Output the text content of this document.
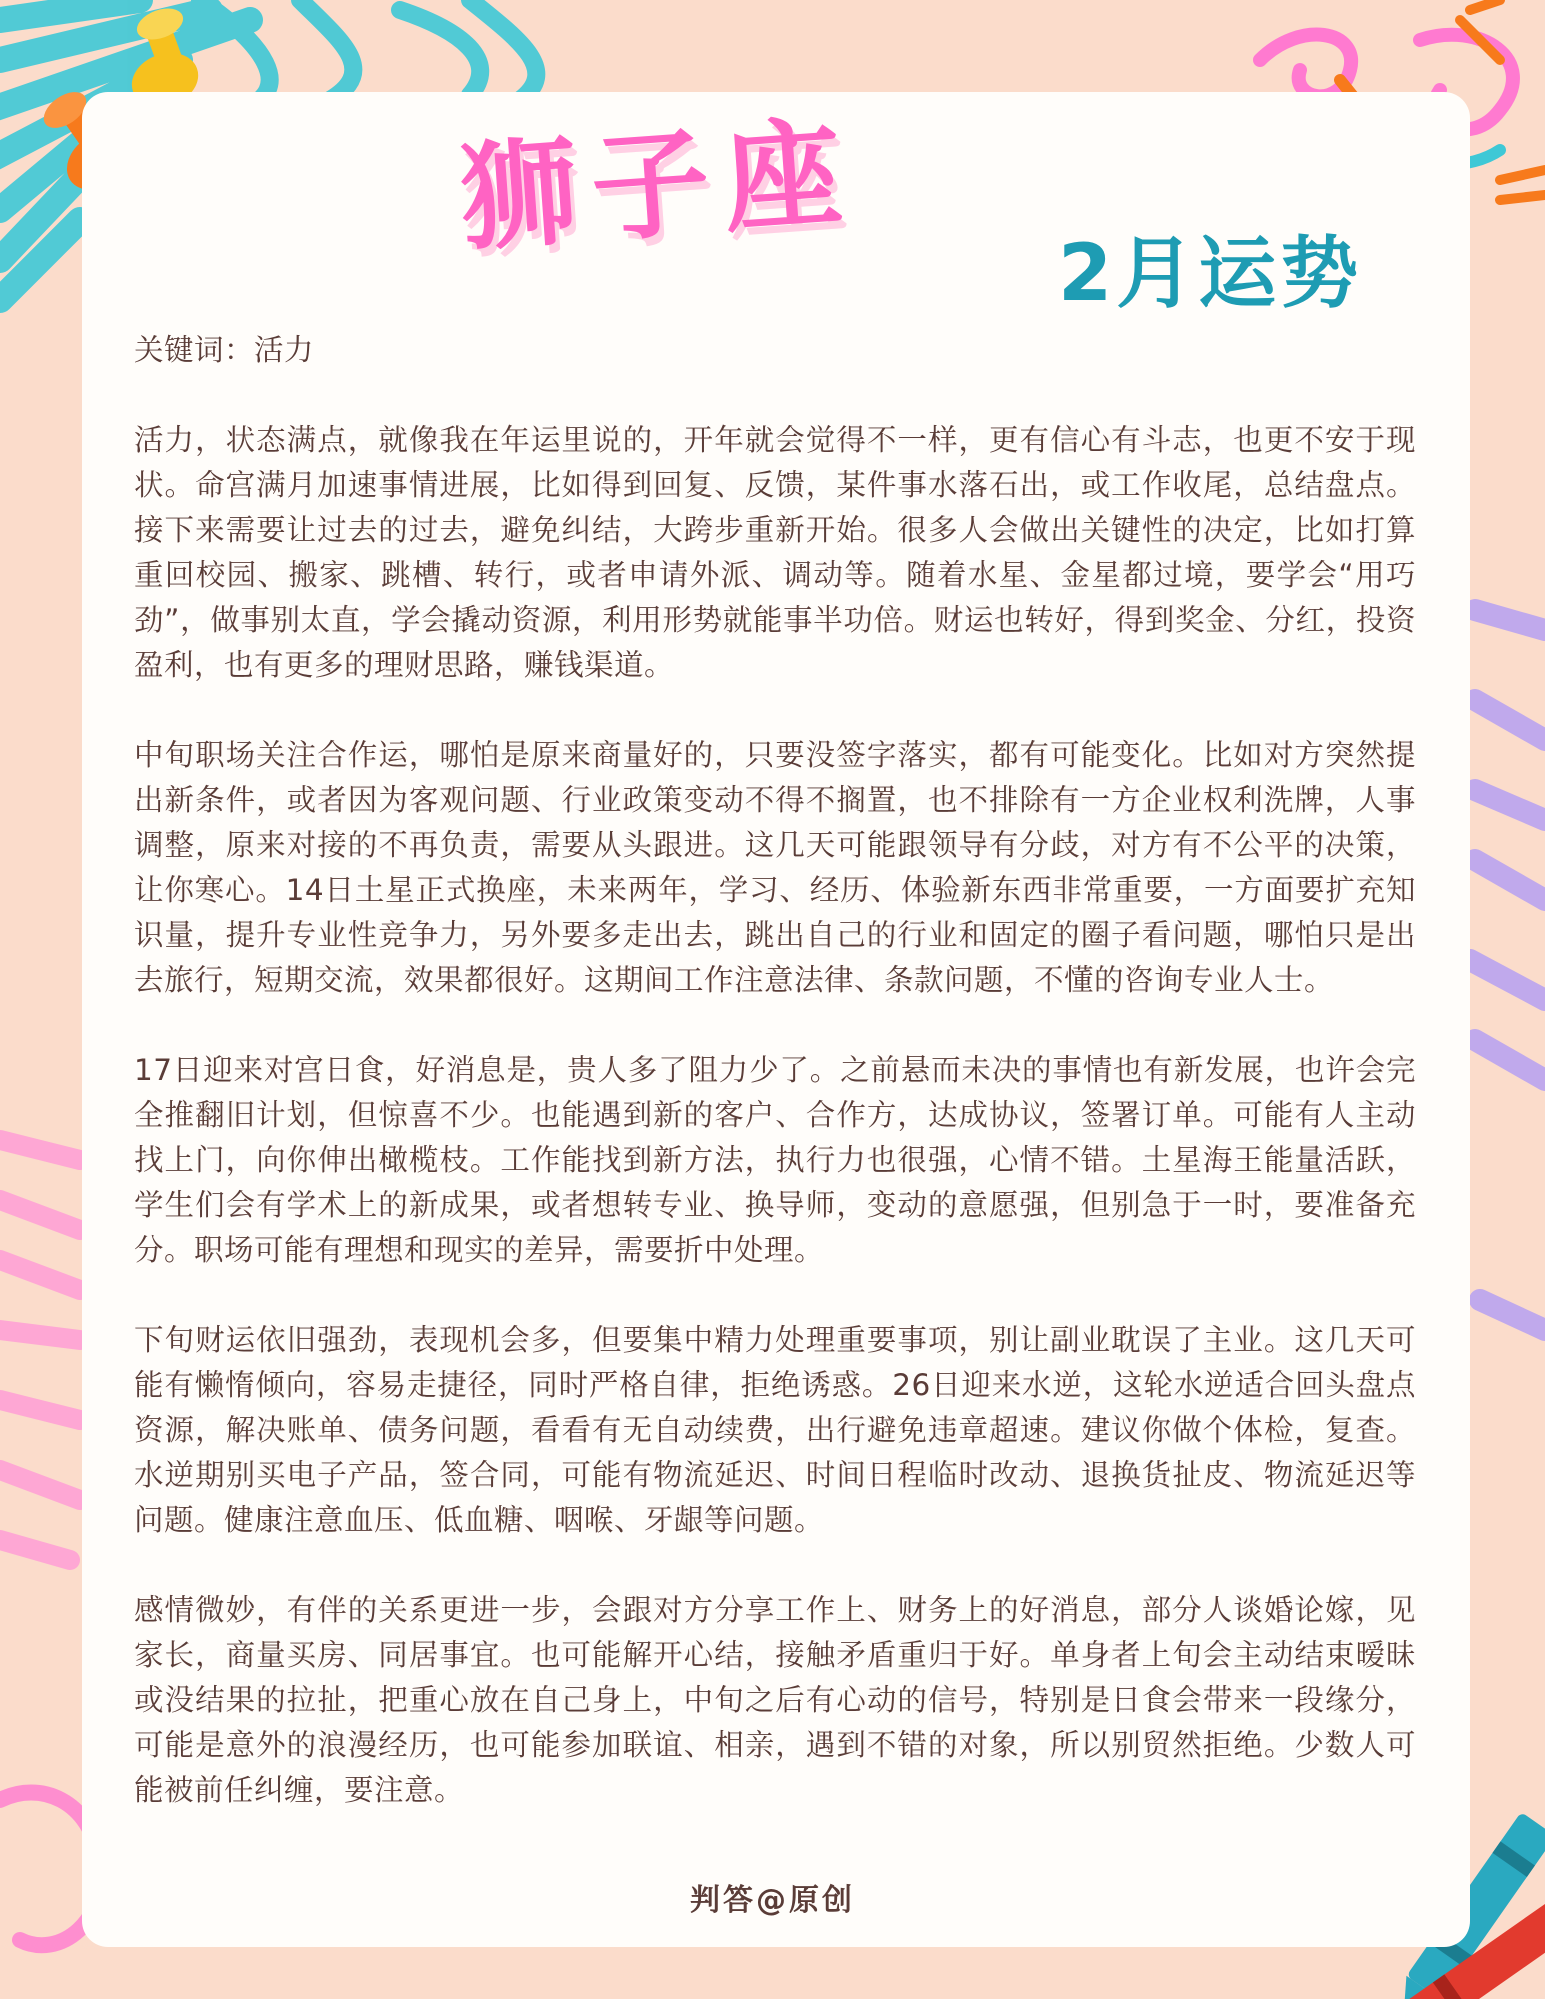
狮子座
2月运势

关键词：活力

活力，状态满点，就像我在年运里说的，开年就会觉得不一样，更有信心有斗志，也更不安于现状。命宫满月加速事情进展，比如得到回复、反馈，某件事水落石出，或工作收尾，总结盘点。接下来需要让过去的过去，避免纠结，大跨步重新开始。很多人会做出关键性的决定，比如打算重回校园、搬家、跳槽、转行，或者申请外派、调动等。随着水星、金星都过境，要学会“用巧劲”，做事别太直，学会撬动资源，利用形势就能事半功倍。财运也转好，得到奖金、分红，投资盈利，也有更多的理财思路，赚钱渠道。

中旬职场关注合作运，哪怕是原来商量好的，只要没签字落实，都有可能变化。比如对方突然提出新条件，或者因为客观问题、行业政策变动不得不搁置，也不排除有一方企业权利洗牌，人事调整，原来对接的不再负责，需要从头跟进。这几天可能跟领导有分歧，对方有不公平的决策，让你寒心。14日土星正式换座，未来两年，学习、经历、体验新东西非常重要，一方面要扩充知识量，提升专业性竞争力，另外要多走出去，跳出自己的行业和固定的圈子看问题，哪怕只是出去旅行，短期交流，效果都很好。这期间工作注意法律、条款问题，不懂的咨询专业人士。

17日迎来对宫日食，好消息是，贵人多了阻力少了。之前悬而未决的事情也有新发展，也许会完全推翻旧计划，但惊喜不少。也能遇到新的客户、合作方，达成协议，签署订单。可能有人主动找上门，向你伸出橄榄枝。工作能找到新方法，执行力也很强，心情不错。土星海王能量活跃，学生们会有学术上的新成果，或者想转专业、换导师，变动的意愿强，但别急于一时，要准备充分。职场可能有理想和现实的差异，需要折中处理。

下旬财运依旧强劲，表现机会多，但要集中精力处理重要事项，别让副业耽误了主业。这几天可能有懒惰倾向，容易走捷径，同时严格自律，拒绝诱惑。26日迎来水逆，这轮水逆适合回头盘点资源，解决账单、债务问题，看看有无自动续费，出行避免违章超速。建议你做个体检，复查。水逆期别买电子产品，签合同，可能有物流延迟、时间日程临时改动、退换货扯皮、物流延迟等问题。健康注意血压、低血糖、咽喉、牙龈等问题。

感情微妙，有伴的关系更进一步，会跟对方分享工作上、财务上的好消息，部分人谈婚论嫁，见家长，商量买房、同居事宜。也可能解开心结，接触矛盾重归于好。单身者上旬会主动结束暧昧或没结果的拉扯，把重心放在自己身上，中旬之后有心动的信号，特别是日食会带来一段缘分，可能是意外的浪漫经历，也可能参加联谊、相亲，遇到不错的对象，所以别贸然拒绝。少数人可能被前任纠缠，要注意。

判答@原创
